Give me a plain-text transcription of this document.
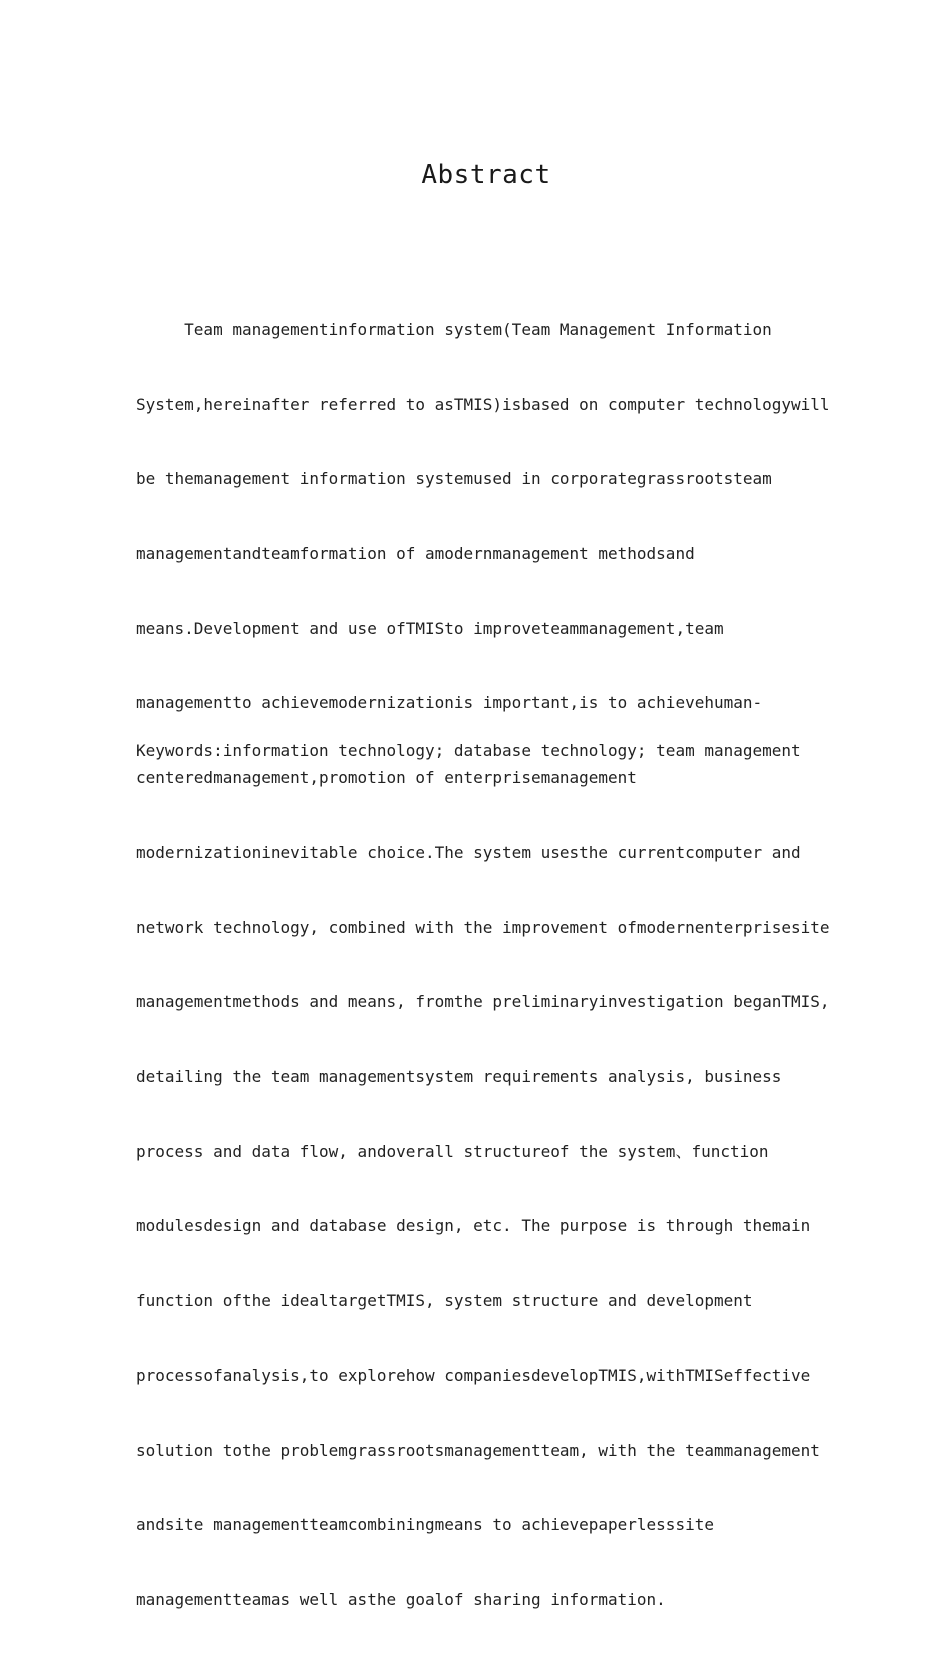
Abstract

Team managementinformation system(Team Management Information

System,hereinafter referred to asTMIS)isbased on computer technologywill

be themanagement information systemused in corporategrassrootsteam

managementandteamformation of amodernmanagement methodsand

means.Development and use ofTMISto improveteammanagement,team

managementto achievemodernizationis important,is to achievehuman-

centeredmanagement,promotion of enterprisemanagement

modernizationinevitable choice.The system usesthe currentcomputer and

network technology, combined with the improvement ofmodernenterprisesite

managementmethods and means, fromthe preliminaryinvestigation beganTMIS,

detailing the team managementsystem requirements analysis, business

process and data flow, andoverall structureof the system、function

modulesdesign and database design, etc. The purpose is through themain

function ofthe idealtargetTMIS, system structure and development

processofanalysis,to explorehow companiesdevelopTMIS,withTMISeffective

solution tothe problemgrassrootsmanagementteam, with the teammanagement

andsite managementteamcombiningmeans to achievepaperlesssite

managementteamas well asthe goalof sharing information.

Keywords:information technology; database technology; team management
